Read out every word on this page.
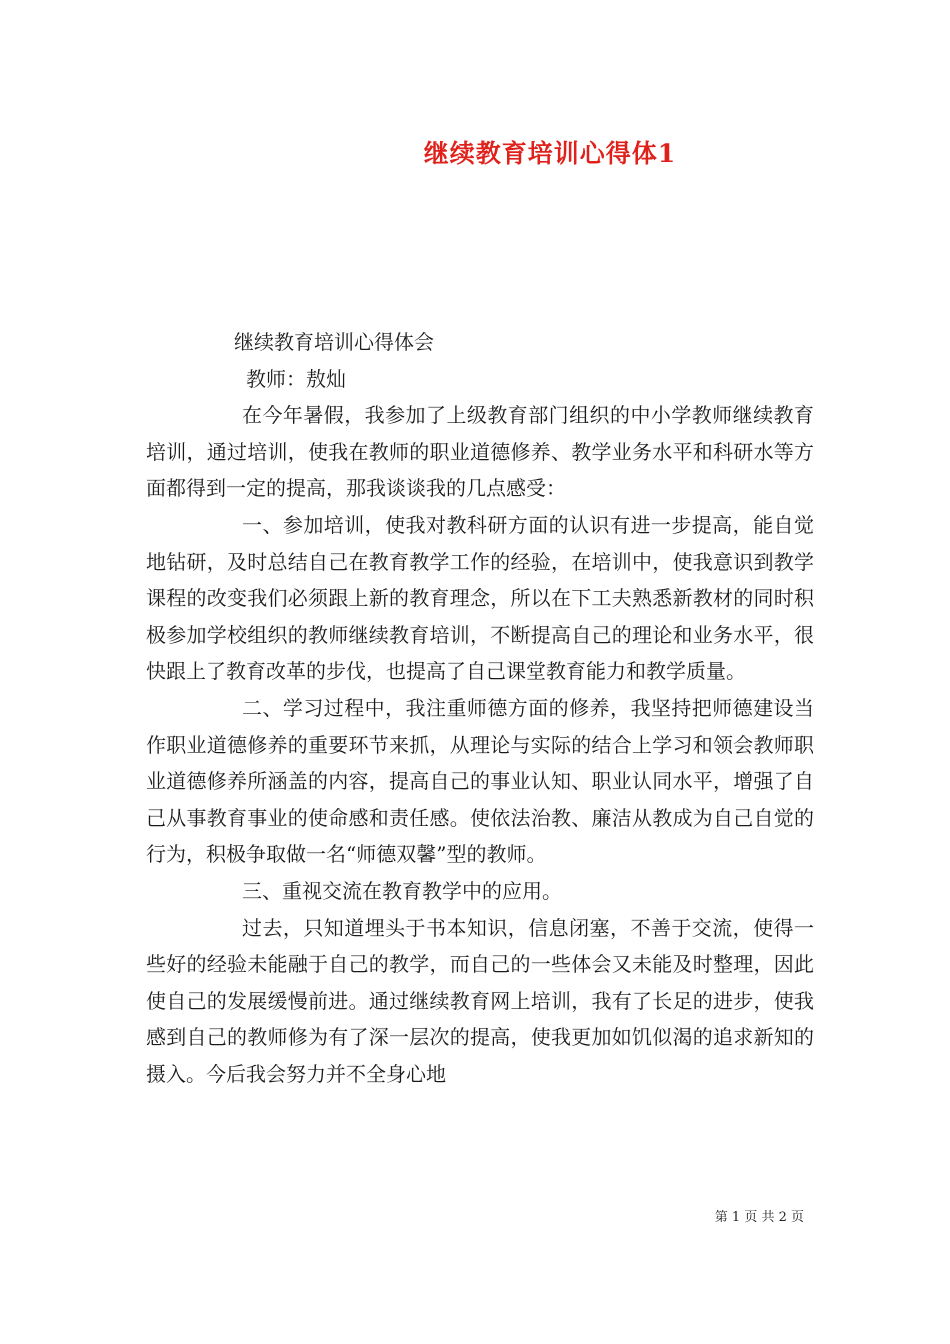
继续教育培训心得体1

继续教育培训心得体会

教师：敖灿

在今年暑假，我参加了上级教育部门组织的中小学教师继续教育培训，通过培训，使我在教师的职业道德修养、教学业务水平和科研水等方面都得到一定的提高，那我谈谈我的几点感受：

一、参加培训，使我对教科研方面的认识有进一步提高，能自觉地钻研，及时总结自己在教育教学工作的经验，在培训中，使我意识到教学课程的改变我们必须跟上新的教育理念，所以在下工夫熟悉新教材的同时积极参加学校组织的教师继续教育培训，不断提高自己的理论和业务水平，很快跟上了教育改革的步伐，也提高了自己课堂教育能力和教学质量。

二、学习过程中，我注重师德方面的修养，我坚持把师德建设当作职业道德修养的重要环节来抓，从理论与实际的结合上学习和领会教师职业道德修养所涵盖的内容，提高自己的事业认知、职业认同水平，增强了自己从事教育事业的使命感和责任感。使依法治教、廉洁从教成为自己自觉的行为，积极争取做一名“师德双馨”型的教师。

三、重视交流在教育教学中的应用。

过去，只知道埋头于书本知识，信息闭塞，不善于交流，使得一些好的经验未能融于自己的教学，而自己的一些体会又未能及时整理，因此使自己的发展缓慢前进。通过继续教育网上培训，我有了长足的进步，使我感到自己的教师修为有了深一层次的提高，使我更加如饥似渴的追求新知的摄入。今后我会努力并不全身心地

第 1 页 共 2 页
